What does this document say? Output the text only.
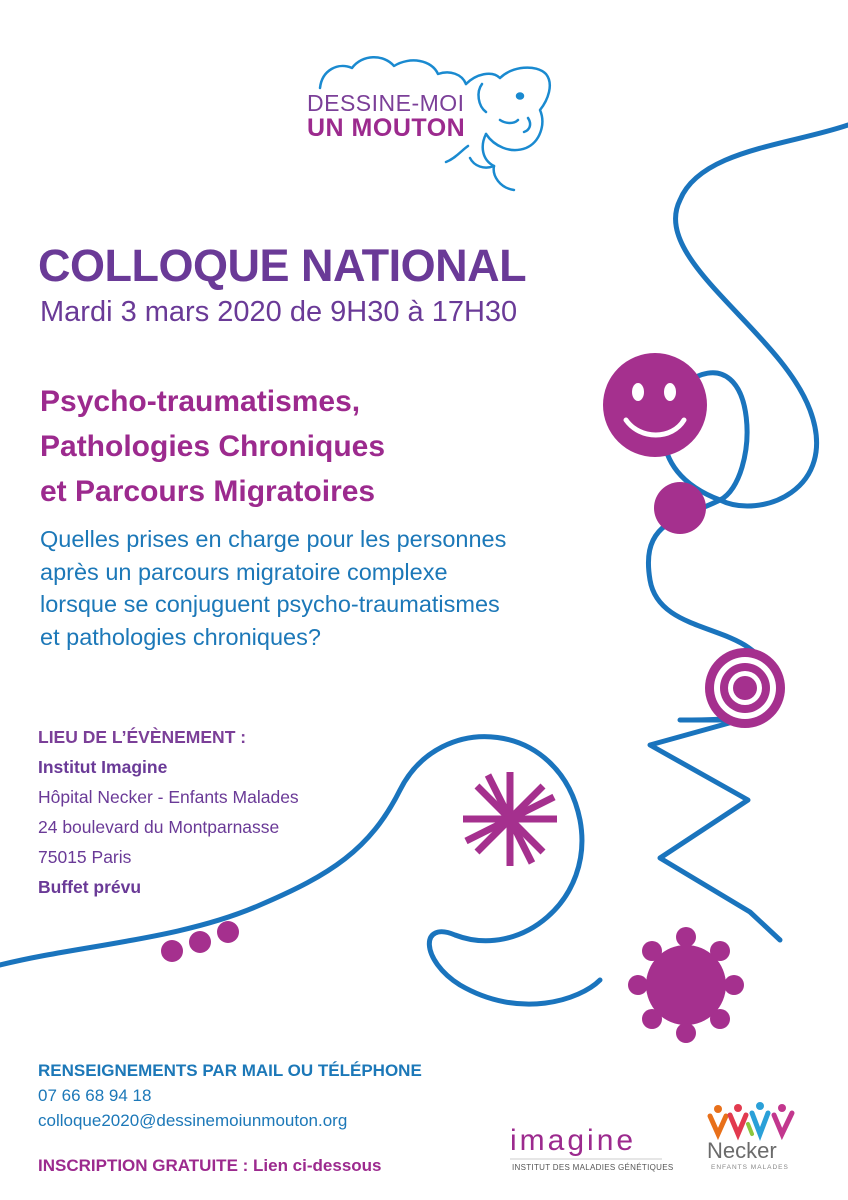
DESSINE-MOI
UN MOUTON
COLLOQUE NATIONAL
Mardi 3 mars 2020 de 9H30 à 17H30
Psycho-traumatismes,
Pathologies Chroniques
et Parcours Migratoires
Quelles prises en charge pour les personnes
après un parcours migratoire complexe
lorsque se conjuguent psycho-traumatismes
et pathologies chroniques?
LIEU DE L’ÉVÈNEMENT :
Institut Imagine
Hôpital Necker - Enfants Malades
24 boulevard du Montparnasse
75015 Paris
Buffet prévu
RENSEIGNEMENTS PAR MAIL OU TÉLÉPHONE
07 66 68 94 18
colloque2020@dessinemoiunmouton.org
INSCRIPTION GRATUITE : Lien ci-dessous
imagine
INSTITUT DES MALADIES GÉNÉTIQUES
Necker
ENFANTS MALADES
